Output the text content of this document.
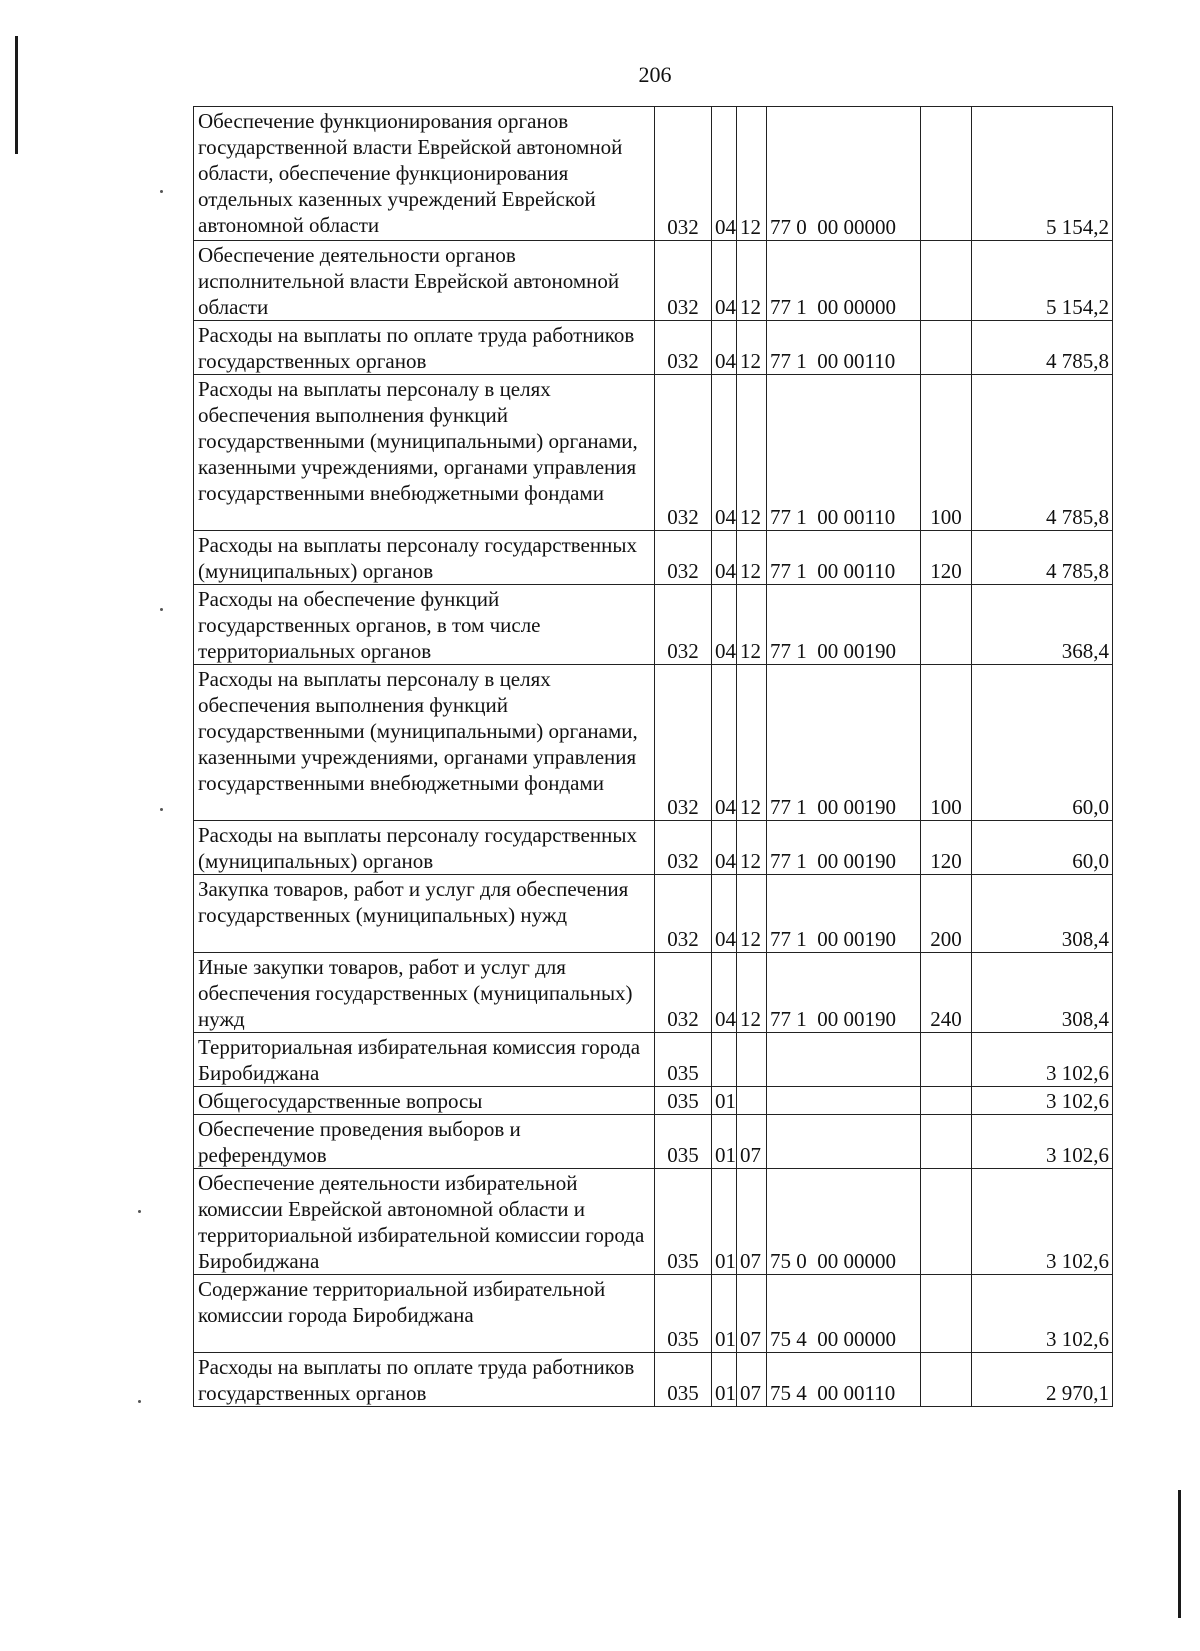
206
Обеспечение функционирования органов государственной власти Еврейской автономной области, обеспечение функционирования отдельных казенных учреждений Еврейской автономной области	032	04	12	77 0  00 00000		5 154,2
Обеспечение деятельности органов исполнительной власти Еврейской автономной области	032	04	12	77 1  00 00000		5 154,2
Расходы на выплаты по оплате труда работников государственных органов	032	04	12	77 1  00 00110		4 785,8
Расходы на выплаты персоналу в целях обеспечения выполнения функций государственными (муниципальными) органами, казенными учреждениями, органами управления государственными внебюджетными фондами	032	04	12	77 1  00 00110	100	4 785,8
Расходы на выплаты персоналу государственных (муниципальных) органов	032	04	12	77 1  00 00110	120	4 785,8
Расходы на обеспечение функций государственных органов, в том числе территориальных органов	032	04	12	77 1  00 00190		368,4
Расходы на выплаты персоналу в целях обеспечения выполнения функций государственными (муниципальными) органами, казенными учреждениями, органами управления государственными внебюджетными фондами	032	04	12	77 1  00 00190	100	60,0
Расходы на выплаты персоналу государственных (муниципальных) органов	032	04	12	77 1  00 00190	120	60,0
Закупка товаров, работ и услуг для обеспечения государственных (муниципальных) нужд	032	04	12	77 1  00 00190	200	308,4
Иные закупки товаров, работ и услуг для обеспечения государственных (муниципальных) нужд	032	04	12	77 1  00 00190	240	308,4
Территориальная избирательная комиссия города Биробиджана	035					3 102,6
Общегосударственные вопросы	035	01				3 102,6
Обеспечение проведения выборов и референдумов	035	01	07			3 102,6
Обеспечение деятельности избирательной комиссии Еврейской автономной области и территориальной избирательной комиссии города Биробиджана	035	01	07	75 0  00 00000		3 102,6
Содержание территориальной избирательной комиссии города Биробиджана	035	01	07	75 4  00 00000		3 102,6
Расходы на выплаты по оплате труда работников государственных органов	035	01	07	75 4  00 00110		2 970,1
